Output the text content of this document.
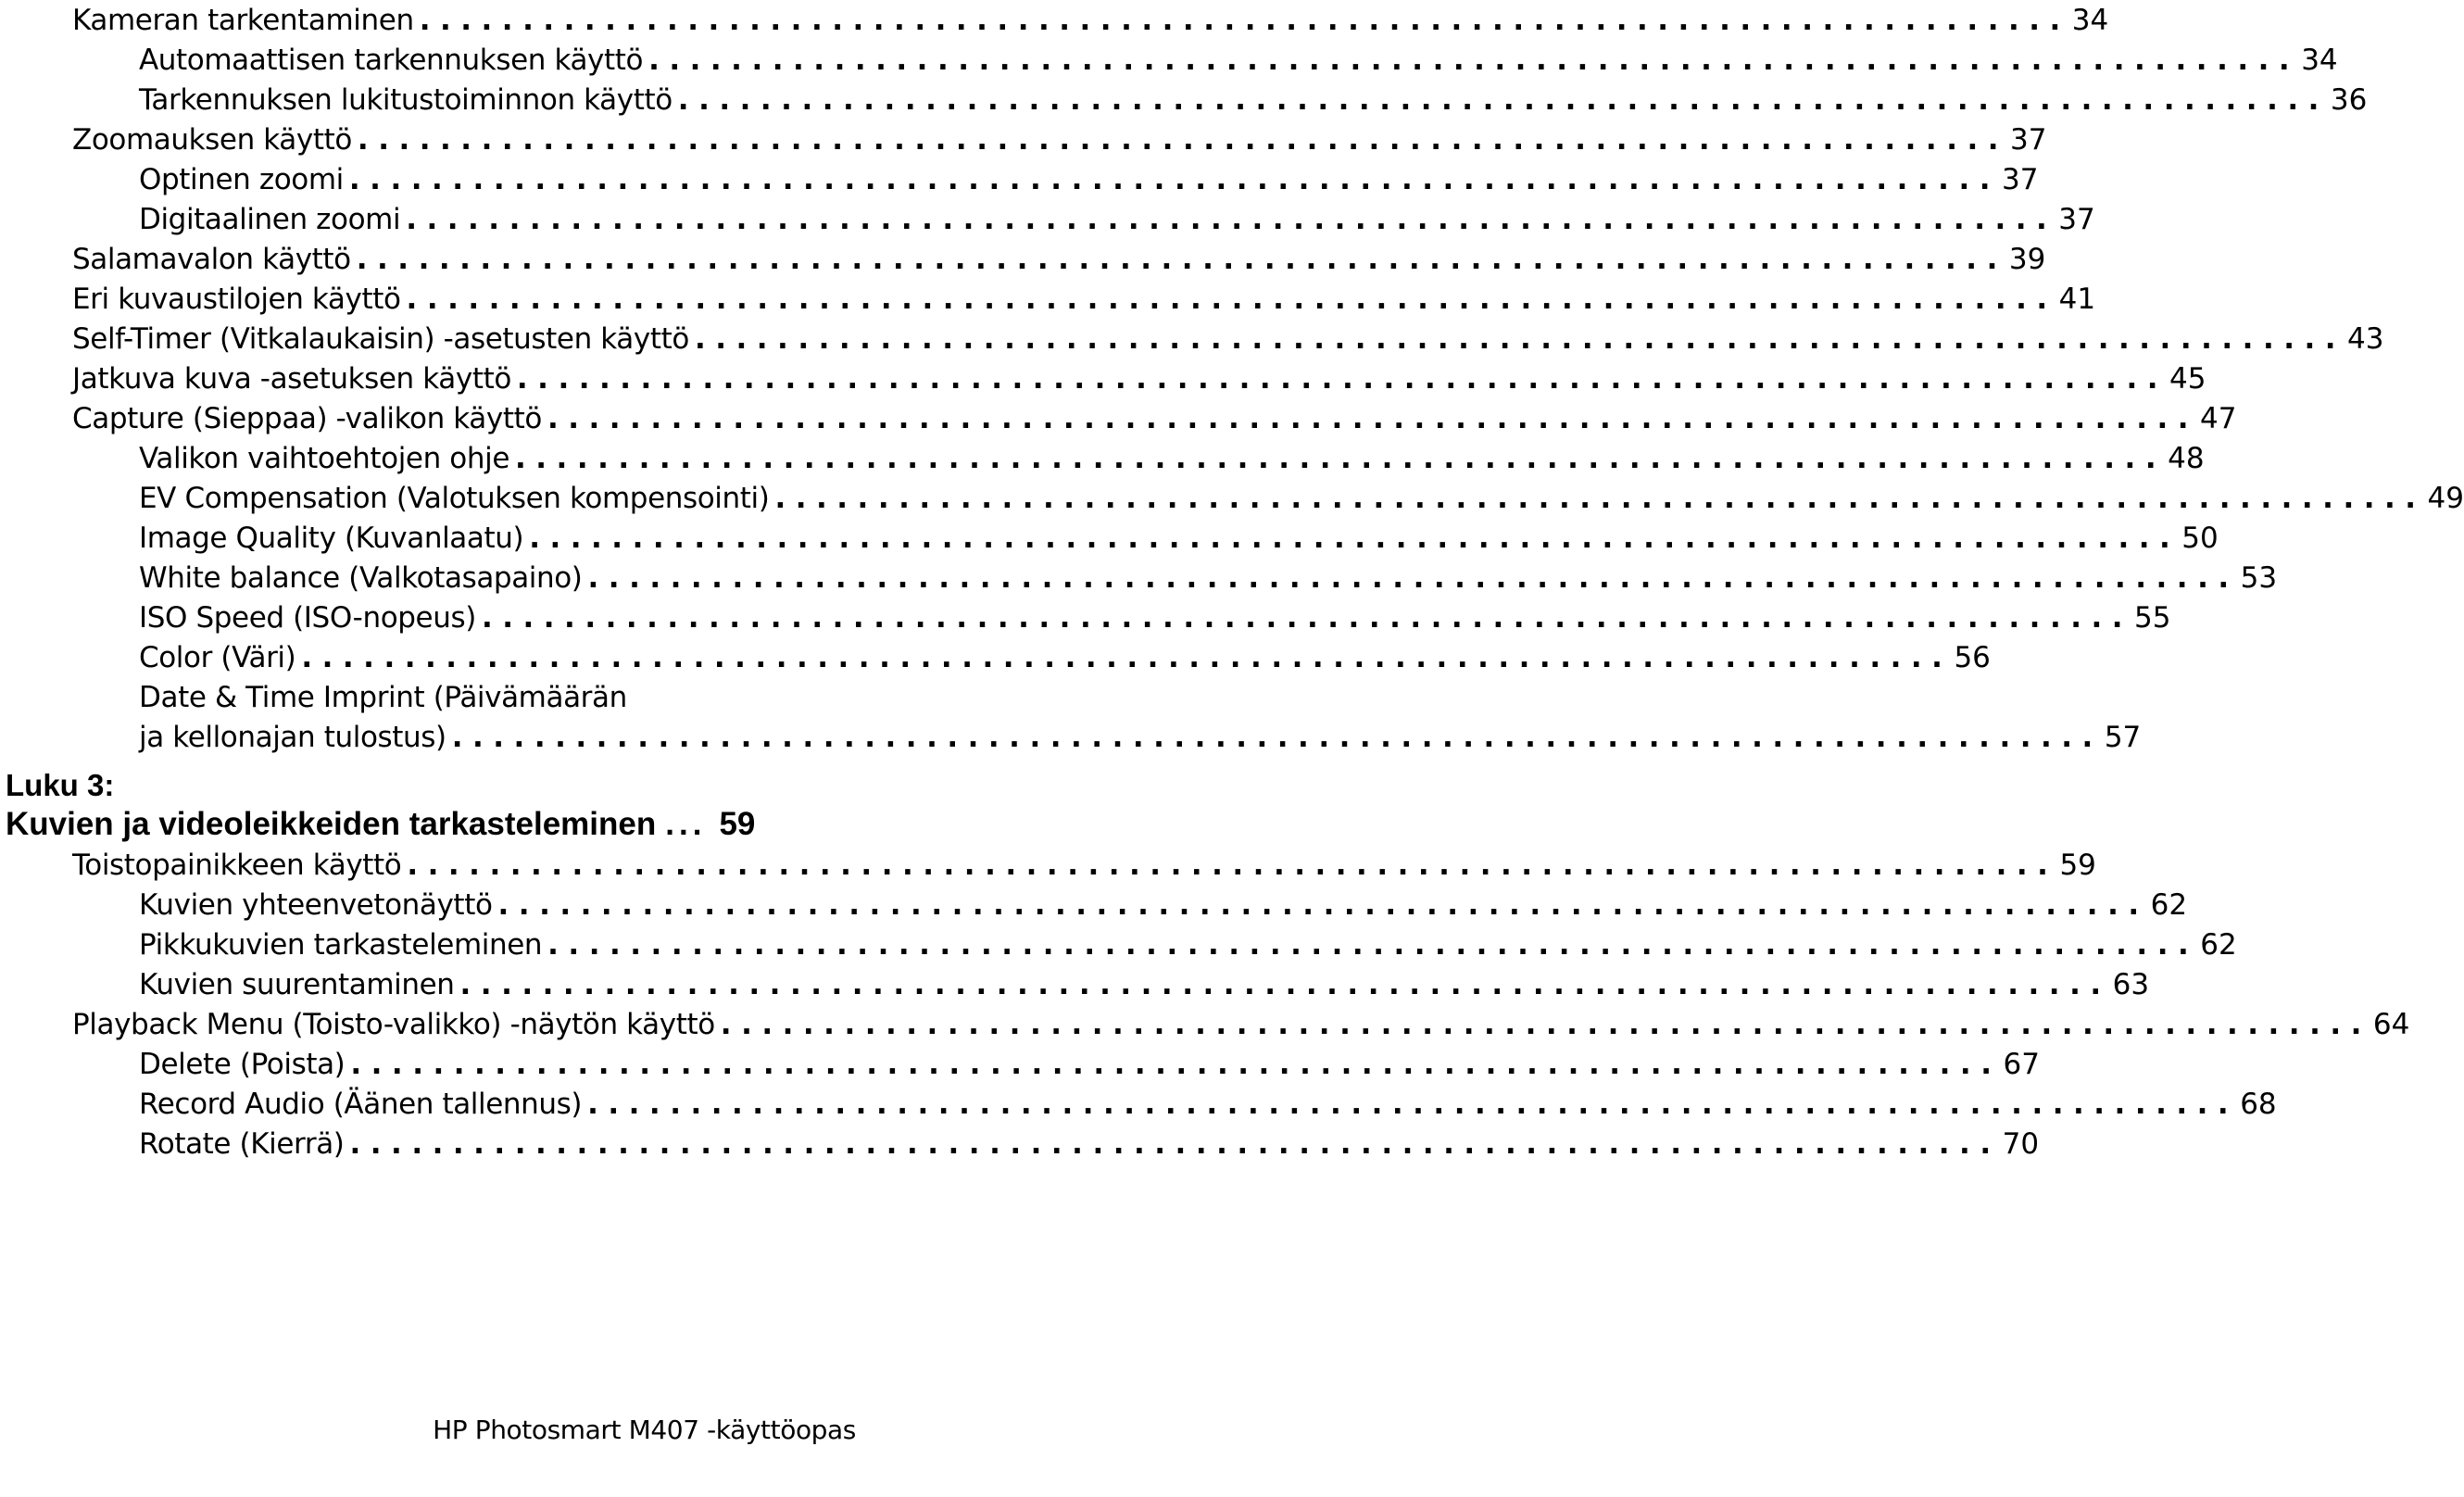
Kameran tarkentaminen ................................................................................ 34
Automaattisen tarkennuksen käyttö ................................................................................ 34
Tarkennuksen lukitustoiminnon käyttö ................................................................................ 36
Zoomauksen käyttö ................................................................................ 37
Optinen zoomi ................................................................................ 37
Digitaalinen zoomi ................................................................................ 37
Salamavalon käyttö ................................................................................ 39
Eri kuvaustilojen käyttö ................................................................................ 41
Self-Timer (Vitkalaukaisin) -asetusten käyttö ................................................................................ 43
Jatkuva kuva -asetuksen käyttö ................................................................................ 45
Capture (Sieppaa) -valikon käyttö ................................................................................ 47
Valikon vaihtoehtojen ohje ................................................................................ 48
EV Compensation (Valotuksen kompensointi) ................................................................................ 49
Image Quality (Kuvanlaatu) ................................................................................ 50
White balance (Valkotasapaino) ................................................................................ 53
ISO Speed (ISO-nopeus) ................................................................................ 55
Color (Väri) ................................................................................ 56
Date & Time Imprint (Päivämäärän
ja kellonajan tulostus) ................................................................................ 57
Luku 3:
Kuvien ja videoleikkeiden tarkasteleminen ... 59
Toistopainikkeen käyttö ................................................................................ 59
Kuvien yhteenvetonäyttö ................................................................................ 62
Pikkukuvien tarkasteleminen ................................................................................ 62
Kuvien suurentaminen ................................................................................ 63
Playback Menu (Toisto-valikko) -näytön käyttö ................................................................................ 64
Delete (Poista) ................................................................................ 67
Record Audio (Äänen tallennus) ................................................................................ 68
Rotate (Kierrä) ................................................................................ 70
HP Photosmart M407 -käyttöopas
